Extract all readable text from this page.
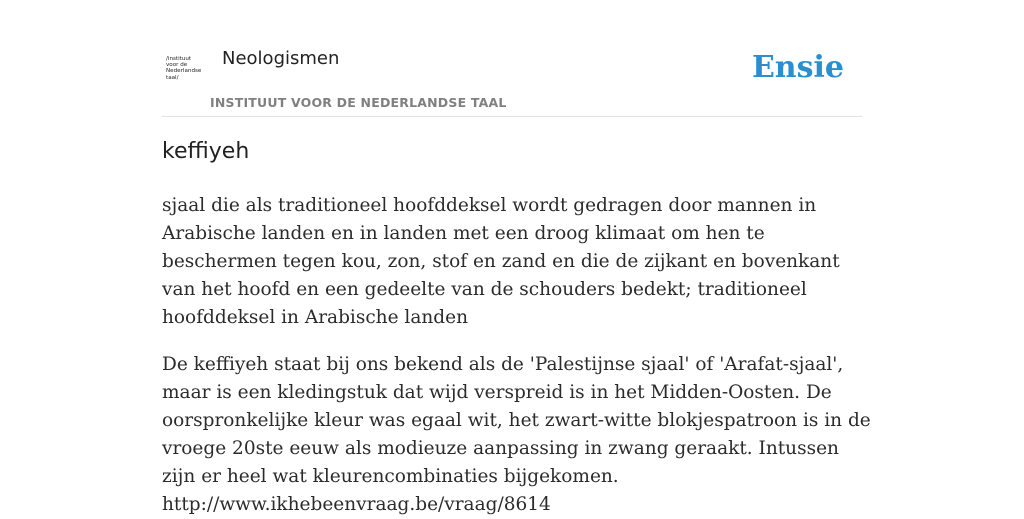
/instituut
voor de
Nederlandse
taal/
Neologismen
INSTITUUT VOOR DE NEDERLANDSE TAAL
Ensie
keffiyeh

sjaal die als traditioneel hoofddeksel wordt gedragen door mannen in Arabische landen en in landen met een droog klimaat om hen te beschermen tegen kou, zon, stof en zand en die de zijkant en bovenkant van het hoofd en een gedeelte van de schouders bedekt; traditioneel hoofddeksel in Arabische landen

De keffiyeh staat bij ons bekend als de 'Palestijnse sjaal' of 'Arafat-sjaal', maar is een kledingstuk dat wijd verspreid is in het Midden-Oosten. De oorspronkelijke kleur was egaal wit, het zwart-witte blokjespatroon is in de vroege 20ste eeuw als modieuze aanpassing in zwang geraakt. Intussen zijn er heel wat kleurencombinaties bijgekomen.

http://www.ikhebeenvraag.be/vraag/8614
